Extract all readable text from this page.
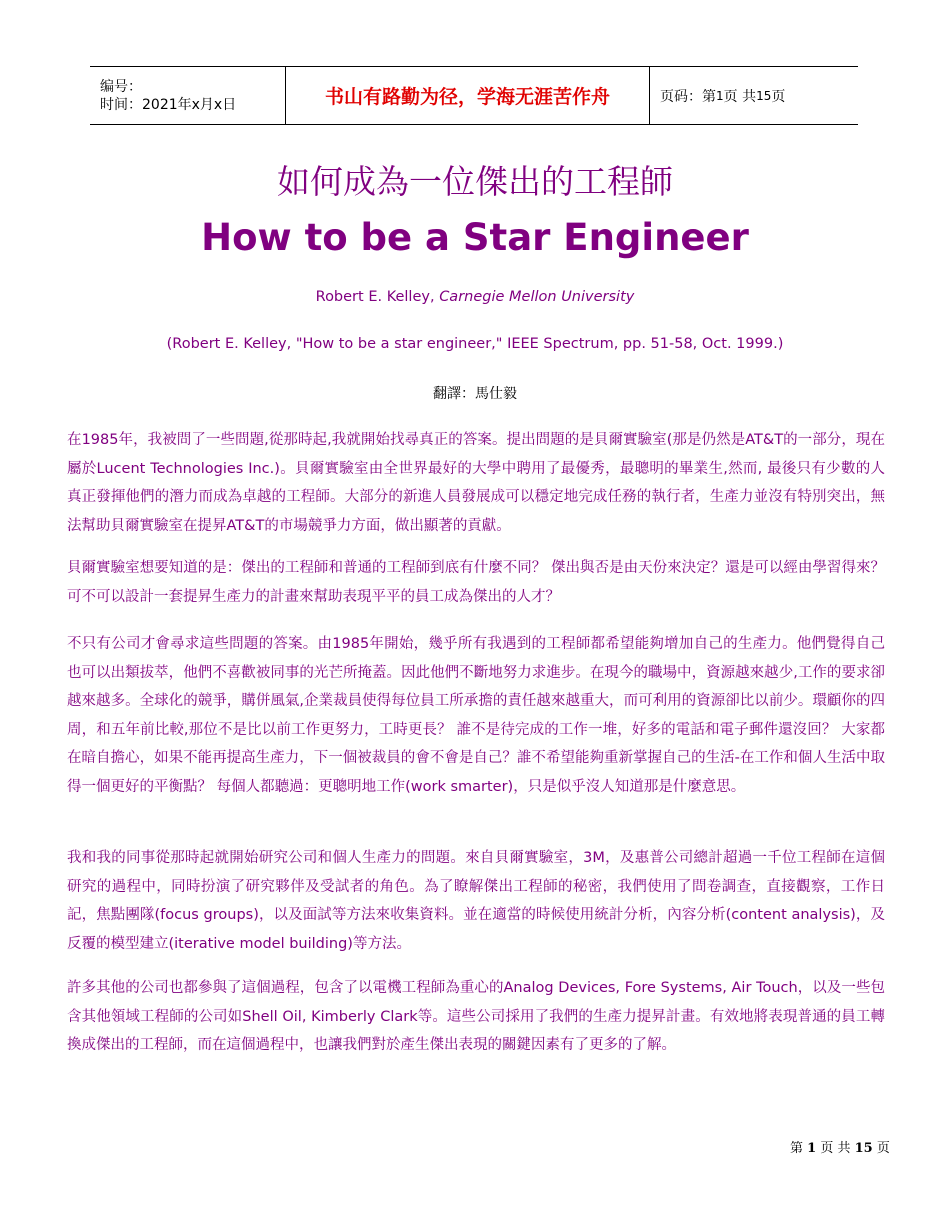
编号：
时间：2021年x月x日	书山有路勤为径，学海无涯苦作舟	页码：第 1 页 共 15 页
如何成為一位傑出的工程師
How to be a Star Engineer
Robert E. Kelley, Carnegie Mellon University
(Robert E. Kelley, "How to be a star engineer," IEEE Spectrum, pp. 51-58, Oct. 1999.)
翻譯：馬仕毅

在1985年，我被問了一些問題,從那時起,我就開始找尋真正的答案。提出問題的是貝爾實驗室(那是仍然是AT&T的一部分，現在屬於Lucent Technologies Inc.)。貝爾實驗室由全世界最好的大學中聘用了最優秀，最聰明的畢業生,然而, 最後只有少數的人真正發揮他們的潛力而成為卓越的工程師。大部分的新進人員發展成可以穩定地完成任務的執行者，生產力並沒有特別突出，無法幫助貝爾實驗室在提昇AT&T的市場競爭力方面，做出顯著的貢獻。

貝爾實驗室想要知道的是：傑出的工程師和普通的工程師到底有什麼不同？ 傑出與否是由天份來決定？還是可以經由學習得來？可不可以設計一套提昇生產力的計畫來幫助表現平平的員工成為傑出的人才？

不只有公司才會尋求這些問題的答案。由1985年開始，幾乎所有我遇到的工程師都希望能夠增加自己的生產力。他們覺得自己也可以出類拔萃，他們不喜歡被同事的光芒所掩蓋。因此他們不斷地努力求進步。在現今的職場中，資源越來越少,工作的要求卻越來越多。全球化的競爭，購併風氣,企業裁員使得每位員工所承擔的責任越來越重大，而可利用的資源卻比以前少。環顧你的四周，和五年前比較,那位不是比以前工作更努力，工時更長？ 誰不是待完成的工作一堆，好多的電話和電子郵件還沒回？ 大家都在暗自擔心，如果不能再提高生產力，下一個被裁員的會不會是自己？誰不希望能夠重新掌握自己的生活-在工作和個人生活中取得一個更好的平衡點？ 每個人都聽過：更聰明地工作(work smarter)，只是似乎沒人知道那是什麼意思。

我和我的同事從那時起就開始研究公司和個人生產力的問題。來自貝爾實驗室，3M，及惠普公司總計超過一千位工程師在這個研究的過程中，同時扮演了研究夥伴及受試者的角色。為了瞭解傑出工程師的秘密，我們使用了問卷調查，直接觀察，工作日記，焦點團隊(focus groups)，以及面試等方法來收集資料。並在適當的時候使用統計分析，內容分析(content analysis)，及反覆的模型建立(iterative model building)等方法。

許多其他的公司也都參與了這個過程，包含了以電機工程師為重心的Analog Devices, Fore Systems, Air Touch，以及一些包含其他領域工程師的公司如Shell Oil, Kimberly Clark等。這些公司採用了我們的生產力提昇計畫。有效地將表現普通的員工轉換成傑出的工程師，而在這個過程中，也讓我們對於產生傑出表現的關鍵因素有了更多的了解。

第 1 页 共 15 页
